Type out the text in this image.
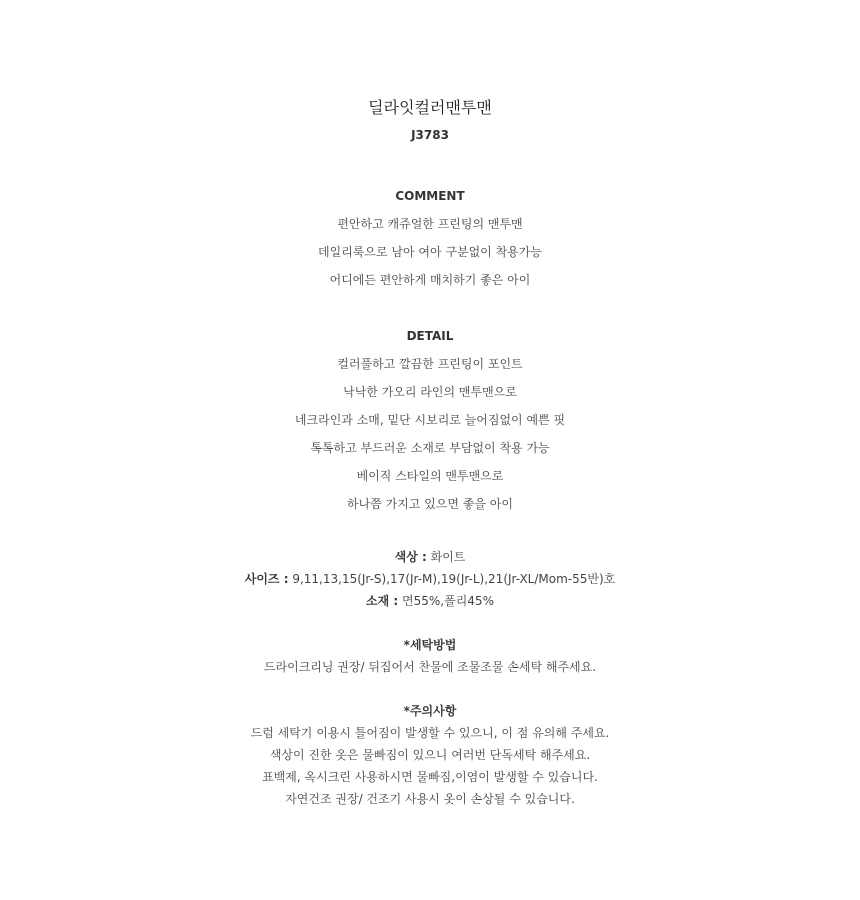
딜라잇컬러맨투맨
J3783
COMMENT
편안하고 캐쥬얼한 프린팅의 맨투맨
데일리룩으로 남아 여아 구분없이 착용가능
어디에든 편안하게 매치하기 좋은 아이
DETAIL
컬러풀하고 깔끔한 프린팅이 포인트
낙낙한 가오리 라인의 맨투맨으로
네크라인과 소매, 밑단 시보리로 늘어짐없이 예쁜 핏
톡톡하고 부드러운 소재로 부담없이 착용 가능
베이직 스타일의 맨투맨으로
하나쯤 가지고 있으면 좋을 아이
색상 : 화이트
사이즈 : 9,11,13,15(Jr-S),17(Jr-M),19(Jr-L),21(Jr-XL/Mom-55반)호
소재 : 면55%,폴리45%
*세탁방법
드라이크리닝 권장/ 뒤집어서 찬물에 조물조물 손세탁 해주세요.
*주의사항
드럼 세탁기 이용시 틀어짐이 발생할 수 있으니, 이 점 유의해 주세요.
색상이 진한 옷은 물빠짐이 있으니 여러번 단독세탁 해주세요.
표백제, 옥시크린 사용하시면 물빠짐,이염이 발생할 수 있습니다.
자연건조 권장/ 건조기 사용시 옷이 손상될 수 있습니다.
